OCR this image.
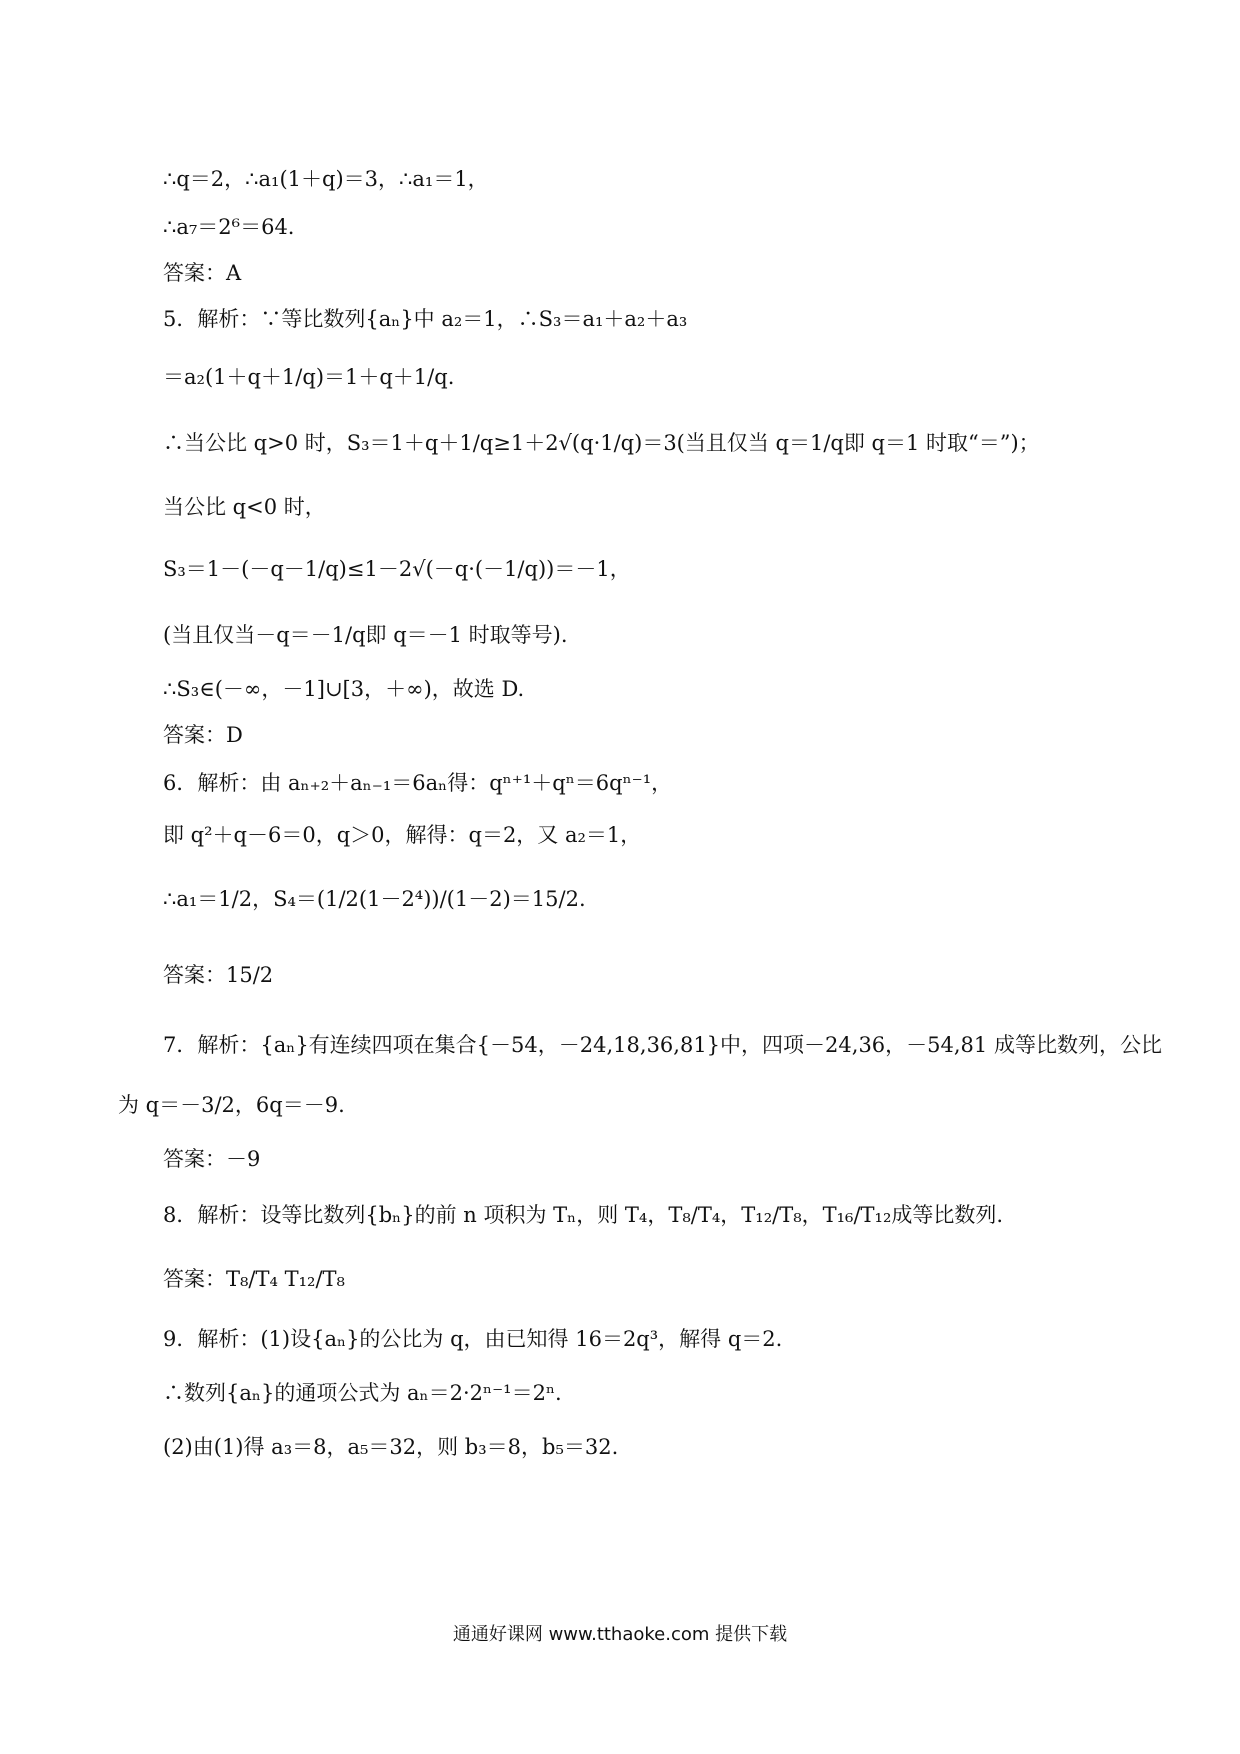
∴q＝2，∴a₁(1＋q)＝3，∴a₁＝1，
∴a₇＝2⁶＝64.
答案：A
5．解析：∵等比数列{aₙ}中 a₂＝1，∴S₃＝a₁＋a₂＋a₃
＝a₂(1＋q＋1/q)＝1＋q＋1/q.
∴当公比 q>0 时，S₃＝1＋q＋1/q≥1＋2√(q·1/q)＝3(当且仅当 q＝1/q即 q＝1 时取“＝”)；
当公比 q<0 时，
S₃＝1－(－q－1/q)≤1－2√(－q·(－1/q))＝－1，
(当且仅当－q＝－1/q即 q＝－1 时取等号).
∴S₃∈(－∞，－1]∪[3，＋∞)，故选 D.
答案：D
6．解析：由 aₙ₊₂＋aₙ₋₁＝6aₙ得：qⁿ⁺¹＋qⁿ＝6qⁿ⁻¹，
即 q²＋q－6＝0，q＞0，解得：q＝2，又 a₂＝1，
∴a₁＝1/2，S₄＝(1/2(1－2⁴))/(1－2)＝15/2.
答案：15/2
7．解析：{aₙ}有连续四项在集合{－54，－24,18,36,81}中，四项－24,36，－54,81 成等比数列，公比
为 q＝－3/2，6q＝－9.
答案：－9
8．解析：设等比数列{bₙ}的前 n 项积为 Tₙ，则 T₄，T₈/T₄，T₁₂/T₈，T₁₆/T₁₂成等比数列.
答案：T₈/T₄ T₁₂/T₈
9．解析：(1)设{aₙ}的公比为 q，由已知得 16＝2q³，解得 q＝2.
∴数列{aₙ}的通项公式为 aₙ＝2·2ⁿ⁻¹＝2ⁿ.
(2)由(1)得 a₃＝8，a₅＝32，则 b₃＝8，b₅＝32.
通通好课网 www.tthaoke.com 提供下载
